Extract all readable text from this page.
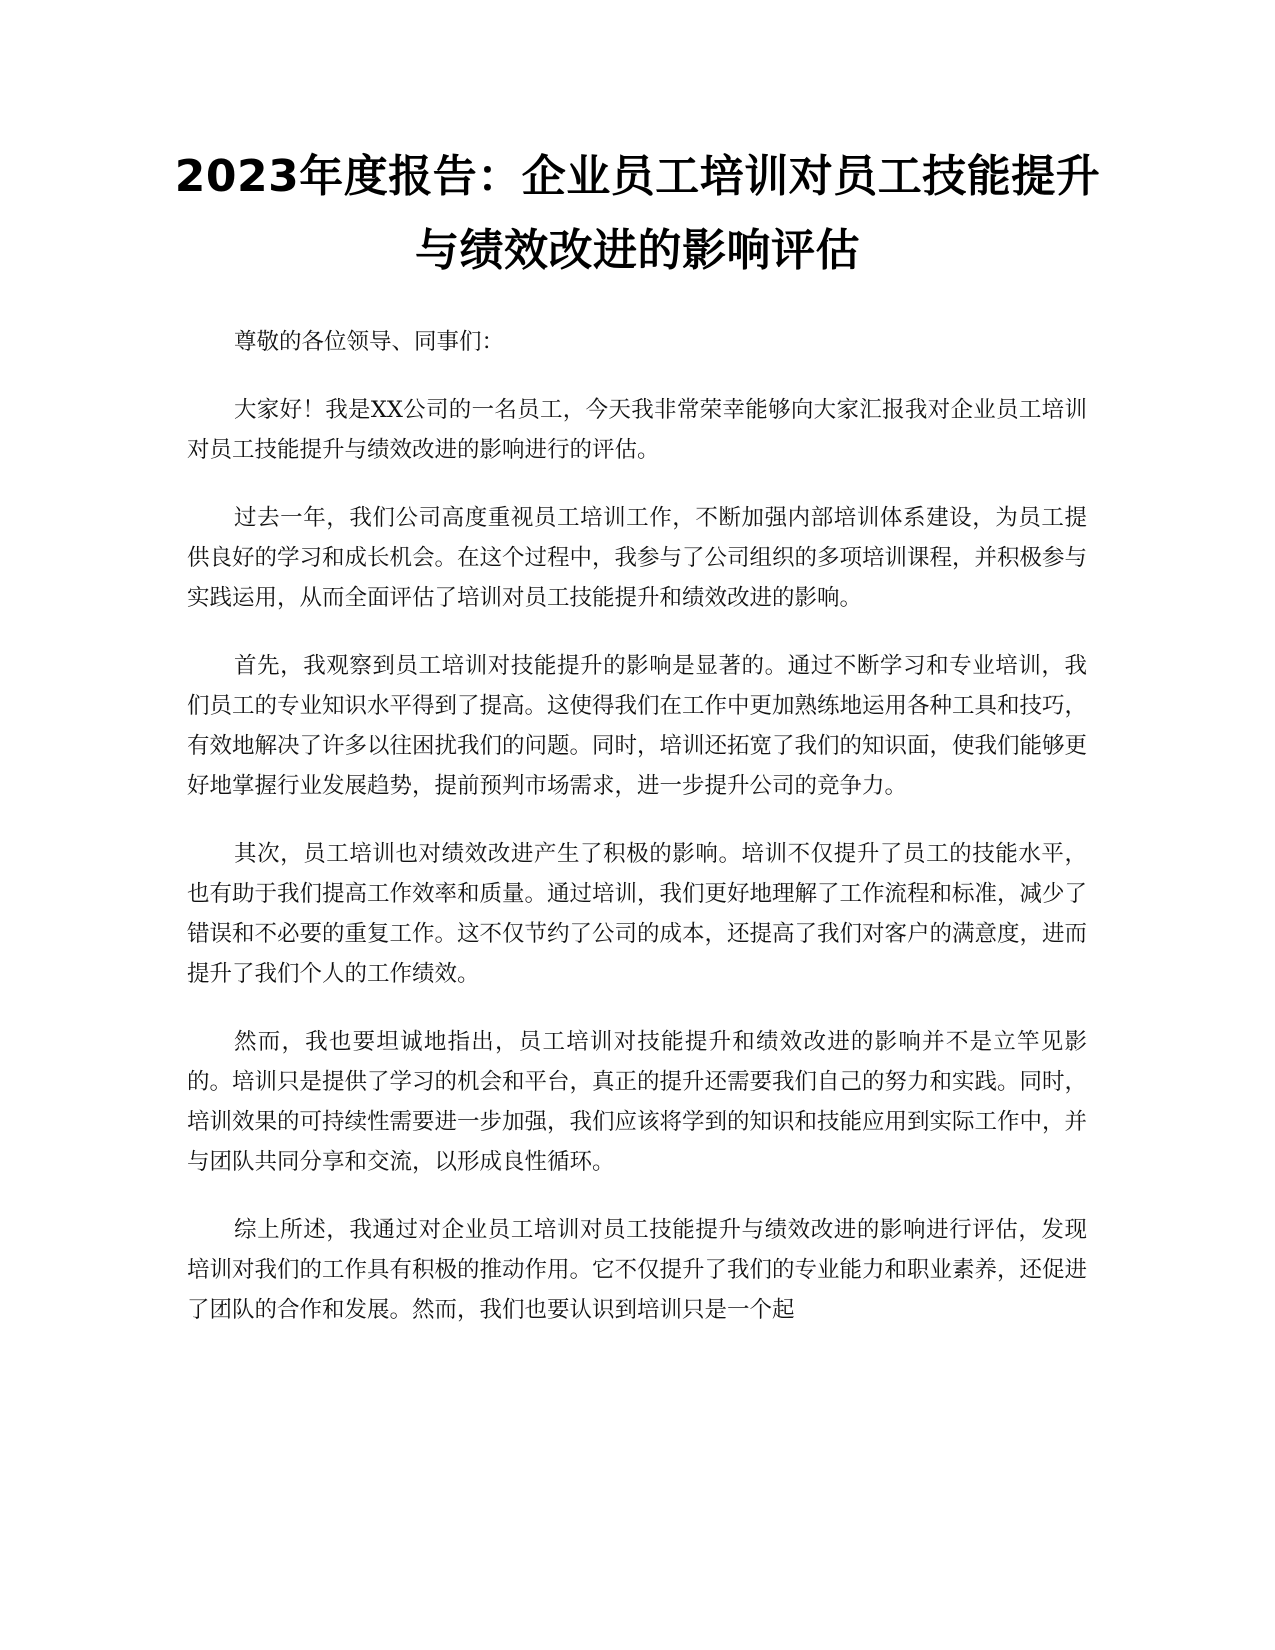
2023年度报告：企业员工培训对员工技能提升与绩效改进的影响评估

尊敬的各位领导、同事们：

大家好！我是XX公司的一名员工，今天我非常荣幸能够向大家汇报我对企业员工培训对员工技能提升与绩效改进的影响进行的评估。

过去一年，我们公司高度重视员工培训工作，不断加强内部培训体系建设，为员工提供良好的学习和成长机会。在这个过程中，我参与了公司组织的多项培训课程，并积极参与实践运用，从而全面评估了培训对员工技能提升和绩效改进的影响。

首先，我观察到员工培训对技能提升的影响是显著的。通过不断学习和专业培训，我们员工的专业知识水平得到了提高。这使得我们在工作中更加熟练地运用各种工具和技巧，有效地解决了许多以往困扰我们的问题。同时，培训还拓宽了我们的知识面，使我们能够更好地掌握行业发展趋势，提前预判市场需求，进一步提升公司的竞争力。

其次，员工培训也对绩效改进产生了积极的影响。培训不仅提升了员工的技能水平，也有助于我们提高工作效率和质量。通过培训，我们更好地理解了工作流程和标准，减少了错误和不必要的重复工作。这不仅节约了公司的成本，还提高了我们对客户的满意度，进而提升了我们个人的工作绩效。

然而，我也要坦诚地指出，员工培训对技能提升和绩效改进的影响并不是立竿见影的。培训只是提供了学习的机会和平台，真正的提升还需要我们自己的努力和实践。同时，培训效果的可持续性需要进一步加强，我们应该将学到的知识和技能应用到实际工作中，并与团队共同分享和交流，以形成良性循环。

综上所述，我通过对企业员工培训对员工技能提升与绩效改进的影响进行评估，发现培训对我们的工作具有积极的推动作用。它不仅提升了我们的专业能力和职业素养，还促进了团队的合作和发展。然而，我们也要认识到培训只是一个起
